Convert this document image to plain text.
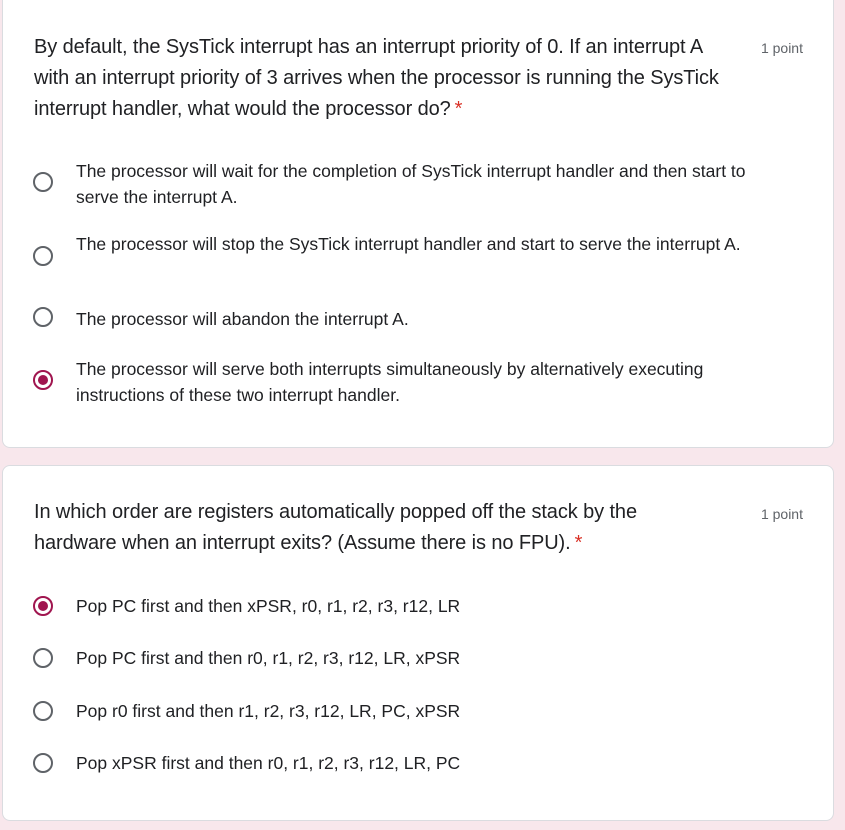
By default, the SysTick interrupt has an interrupt priority of 0. If an interrupt A with an interrupt priority of 3 arrives when the processor is running the SysTick interrupt handler, what would the processor do? *
1 point
The processor will wait for the completion of SysTick interrupt handler and then start to serve the interrupt A.
The processor will stop the SysTick interrupt handler and start to serve the interrupt A.
The processor will abandon the interrupt A.
The processor will serve both interrupts simultaneously by alternatively executing instructions of these two interrupt handler.
In which order are registers automatically popped off the stack by the hardware when an interrupt exits? (Assume there is no FPU). *
1 point
Pop PC first and then xPSR, r0, r1, r2, r3, r12, LR
Pop PC first and then r0, r1, r2, r3, r12, LR, xPSR
Pop r0 first and then r1, r2, r3, r12, LR, PC, xPSR
Pop xPSR first and then r0, r1, r2, r3, r12, LR, PC
